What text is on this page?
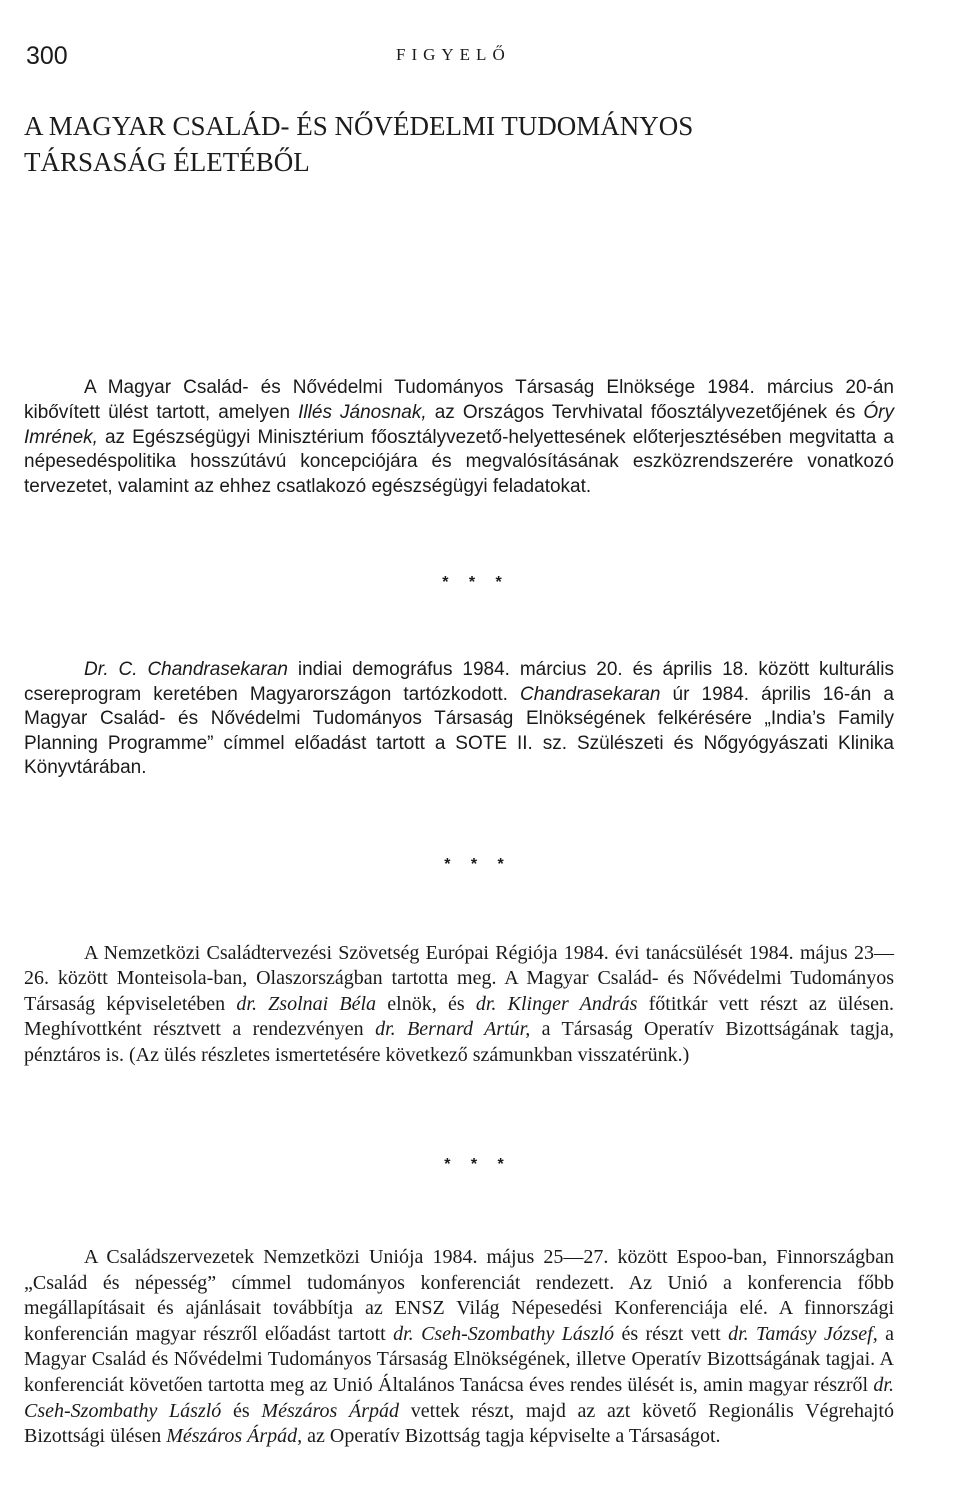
300	FIGYELŐ
A MAGYAR CSALÁD- ÉS NŐVÉDELMI TUDOMÁNYOS
TÁRSASÁG ÉLETÉBŐL

A Magyar Család- és Nővédelmi Tudományos Társaság Elnöksége 1984. március 20-án kibővített ülést tartott, amelyen Illés Jánosnak, az Országos Tervhivatal főosztályvezetőjének és Óry Imrének, az Egészségügyi Minisztérium főosztályvezető-helyettesének előterjesztésében megvitatta a népesedéspolitika hosszútávú koncepciójára és megvalósításának eszközrendszerére vonatkozó tervezetet, valamint az ehhez csatlakozó egészségügyi feladatokat.

* * *

Dr. C. Chandrasekaran indiai demográfus 1984. március 20. és április 18. között kulturális csereprogram keretében Magyarországon tartózkodott. Chandrasekaran úr 1984. április 16-án a Magyar Család- és Nővédelmi Tudományos Társaság Elnökségének felkérésére „India’s Family Planning Programme” címmel előadást tartott a SOTE II. sz. Szülészeti és Nőgyógyászati Klinika Könyvtárában.

* * *

A Nemzetközi Családtervezési Szövetség Európai Régiója 1984. évi tanácsülését 1984. május 23—26. között Monteisola-ban, Olaszországban tartotta meg. A Magyar Család- és Nővédelmi Tudományos Társaság képviseletében dr. Zsolnai Béla elnök, és dr. Klinger András főtitkár vett részt az ülésen. Meghívottként résztvett a rendezvényen dr. Bernard Artúr, a Társaság Operatív Bizottságának tagja, pénztáros is. (Az ülés részletes ismertetésére következő számunkban visszatérünk.)

* * *

A Családszervezetek Nemzetközi Uniója 1984. május 25—27. között Espoo-ban, Finnországban „Család és népesség” címmel tudományos konferenciát rendezett. Az Unió a konferencia főbb megállapításait és ajánlásait továbbítja az ENSZ Világ Népesedési Konferenciája elé. A finnországi konferencián magyar részről előadást tartott dr. Cseh-Szombathy László és részt vett dr. Tamásy József, a Magyar Család és Nővédelmi Tudományos Társaság Elnökségének, illetve Operatív Bizottságának tagjai. A konferenciát követően tartotta meg az Unió Általános Tanácsa éves rendes ülését is, amin magyar részről dr. Cseh-Szombathy László és Mészáros Árpád vettek részt, majd az azt követő Regionális Végrehajtó Bizottsági ülésen Mészáros Árpád, az Operatív Bizottság tagja képviselte a Társaságot.
